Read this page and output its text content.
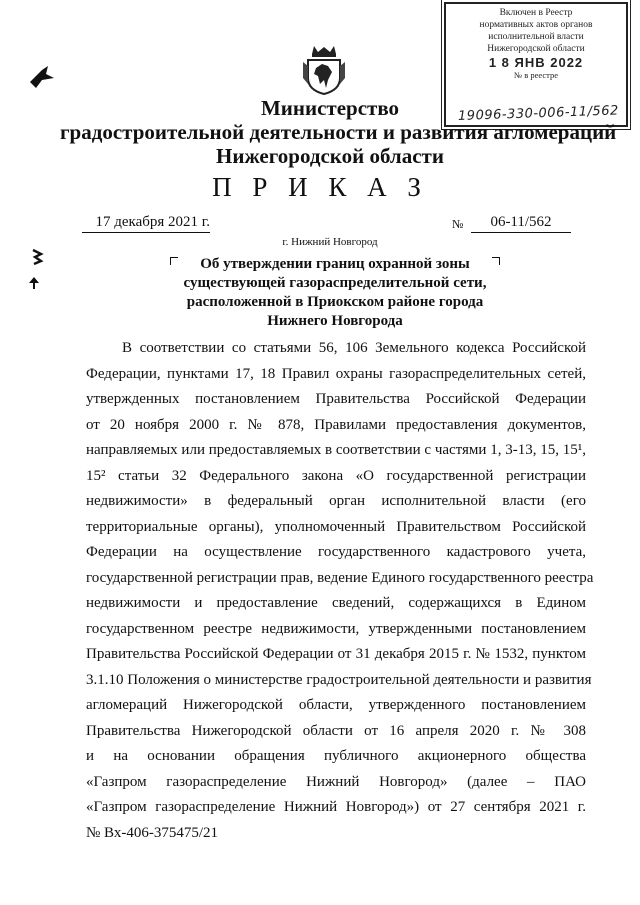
Включен в Реестр
нормативных актов органов
исполнительной власти
Нижегородской области
1 8 ЯНВ 2022
№ в реестре
19096-330-006-11/562
Министерство
градостроительной деятельности и развития агломераций
Нижегородской области
П Р И К А З
17 декабря 2021 г.	№	06-11/562
г. Нижний Новгород
Об утверждении границ охранной зоны
существующей газораспределительной сети,
расположенной в Приокском районе города
Нижнего Новгорода
В соответствии со статьями 56, 106 Земельного кодекса Российской
Федерации, пунктами 17, 18 Правил охраны газораспределительных сетей,
утвержденных постановлением Правительства Российской Федерации
от 20 ноября 2000 г. № 878, Правилами предоставления документов,
направляемых или предоставляемых в соответствии с частями 1, 3-13, 15, 15¹,
15² статьи 32 Федерального закона «О государственной регистрации
недвижимости» в федеральный орган исполнительной власти (его
территориальные органы), уполномоченный Правительством Российской
Федерации на осуществление государственного кадастрового учета,
государственной регистрации прав, ведение Единого государственного реестра
недвижимости и предоставление сведений, содержащихся в Едином
государственном реестре недвижимости, утвержденными постановлением
Правительства Российской Федерации от 31 декабря 2015 г. № 1532, пунктом
3.1.10 Положения о министерстве градостроительной деятельности и развития
агломераций Нижегородской области, утвержденного постановлением
Правительства Нижегородской области от 16 апреля 2020 г. № 308
и на основании обращения публичного акционерного общества
«Газпром газораспределение Нижний Новгород» (далее – ПАО
«Газпром газораспределение Нижний Новгород») от 27 сентября 2021 г.
№ Вх-406-375475/21
